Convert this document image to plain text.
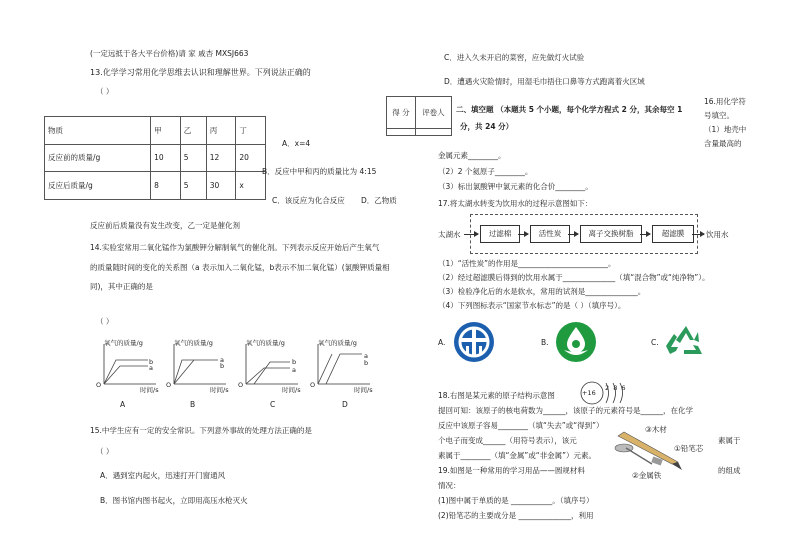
(一定远抵于各大平台价格)请 家 戚杏 MXSJ663
13.化学学习常用化学思维去认识和理解世界。下列说法正确的
（ ）
物质	甲	乙	丙	丁
反应前的质量/g	10	5	12	20
反应后质量/g	8	5	30	x
A．x=4
B．反应中甲和丙的质量比为 4:15
C．该反应为化合反应 D．乙物质
反应前后质量没有发生改变，乙一定是催化剂
14.实验室常用二氧化锰作为氯酸钾分解制氧气的催化剂。下列表示反应开始后产生氧气
的质量随时间的变化的关系图（a 表示加入二氧化锰，b表示不加二氧化锰）(氯酸钾质量相
同)，其中正确的是
（ ）
氧气的质量/g	氧气的质量/g	氧气的质量/g	氧气的质量/g
b
a
a
b	b
a
a
b
O	O	O	O
时间/s	时间/s	时间/s	时间/s
A	B	C	D
15.中学生应有一定的安全常识。下列意外事故的处理方法正确的是
（ ）
A．遇到室内起火，迅速打开门窗通风
B．图书馆内图书起火，立即用高压水枪灭火
C．进入久未开启的菜窖，应先做灯火试验
D．遭遇火灾险情时，用湿毛巾捂住口鼻等方式跑离着火区域
得 分	评卷人
	二、填空题 （本题共 5 个小题，每个化学方程式 2 分，其余每空 1
分，共 24 分）
16.用化学符
号填空。
（1）地壳中
含量最高的
金属元素________。
（2）2 个氦原子________。
（3）标出氯酸钾中氯元素的化合价________。
17.将太湖水转变为饮用水的过程示意图如下：
太湖水	过滤棉	活性炭	离子交换树脂	超滤膜	饮用水
（1）“活性炭”的作用是________________________。
（2）经过超滤膜后得到的饮用水属于______________（填“混合物”或“纯净物”）。
（3）检验净化后的水是软水，常用的试剂是______________。
（4）下列图标表示“国家节水标志”的是（ ）（填序号）。
A.	B.	C.
18.右图是某元素的原子结构示意图	+16
2 8 6
提回可知：该原子的核电荷数为______，该原子的元素符号是______，在化学
反应中该原子容易________（填“失去”或“得到”）
个电子而变成______（用符号表示），该元
素属于________（填“金属”或“非金属”）元素。
③木材
①铅笔芯
②金属铁
素属于
19.如图是一种常用的学习用品——圆规材料	的组成
情况：
(1)图中属于单质的是 ___________。（填序号）
(2)铅笔芯的主要成分是 ______________，利用
